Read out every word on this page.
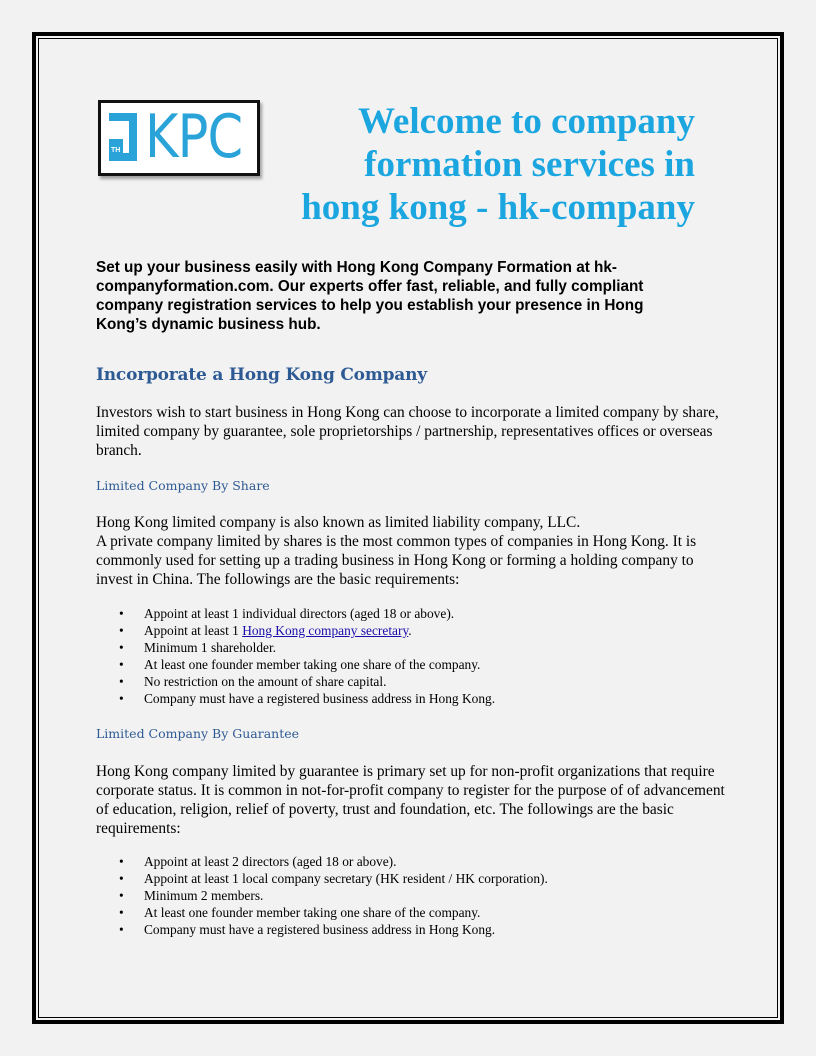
TH KPC	Welcome to company
formation services in
hong kong - hk-company
Set up your business easily with Hong Kong Company Formation at hk-companyformation.com. Our experts offer fast, reliable, and fully compliant company registration services to help you establish your presence in Hong Kong’s dynamic business hub.
Incorporate a Hong Kong Company
Investors wish to start business in Hong Kong can choose to incorporate a limited company by share, limited company by guarantee, sole proprietorships / partnership, representatives offices or overseas branch.
Limited Company By Share
Hong Kong limited company is also known as limited liability company, LLC.
A private company limited by shares is the most common types of companies in Hong Kong. It is commonly used for setting up a trading business in Hong Kong or forming a holding company to invest in China. The followings are the basic requirements:
• Appoint at least 1 individual directors (aged 18 or above).
• Appoint at least 1 Hong Kong company secretary.
• Minimum 1 shareholder.
• At least one founder member taking one share of the company.
• No restriction on the amount of share capital.
• Company must have a registered business address in Hong Kong.
Limited Company By Guarantee
Hong Kong company limited by guarantee is primary set up for non-profit organizations that require corporate status. It is common in not-for-profit company to register for the purpose of of advancement of education, religion, relief of poverty, trust and foundation, etc. The followings are the basic requirements:
• Appoint at least 2 directors (aged 18 or above).
• Appoint at least 1 local company secretary (HK resident / HK corporation).
• Minimum 2 members.
• At least one founder member taking one share of the company.
• Company must have a registered business address in Hong Kong.
